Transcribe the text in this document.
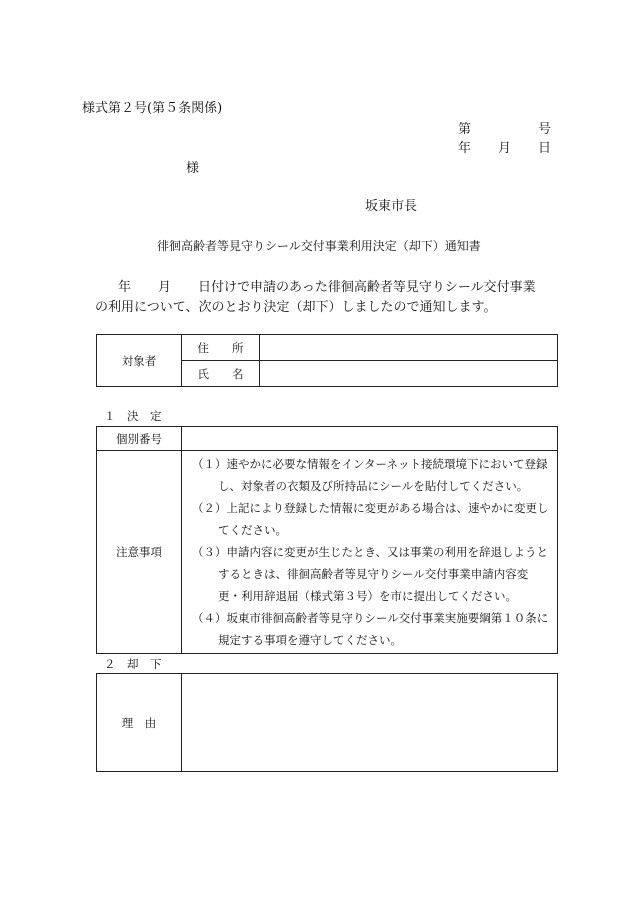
様式第２号(第５条関係)
第	号
年 月 日
様
坂東市長
徘徊高齢者等見守りシール交付事業利用決定（却下）通知書
年 月 日付けで申請のあった徘徊高齢者等見守りシール交付事業
の利用について、次のとおり決定（却下）しましたので通知します。
対象者	住　　所	
	氏　　名	
１　決　定
個別番号	
注意事項	（１）速やかに必要な情報をインターネット接続環境下において登録し、対象者の衣類及び所持品にシールを貼付してください。
（２）上記により登録した情報に変更がある場合は、速やかに変更してください。
（３）申請内容に変更が生じたとき、又は事業の利用を辞退しようとするときは、徘徊高齢者等見守りシール交付事業申請内容変更・利用辞退届（様式第３号）を市に提出してください。
（４）坂東市徘徊高齢者等見守りシール交付事業実施要綱第１０条に規定する事項を遵守してください。
２　却　下
理　由	
